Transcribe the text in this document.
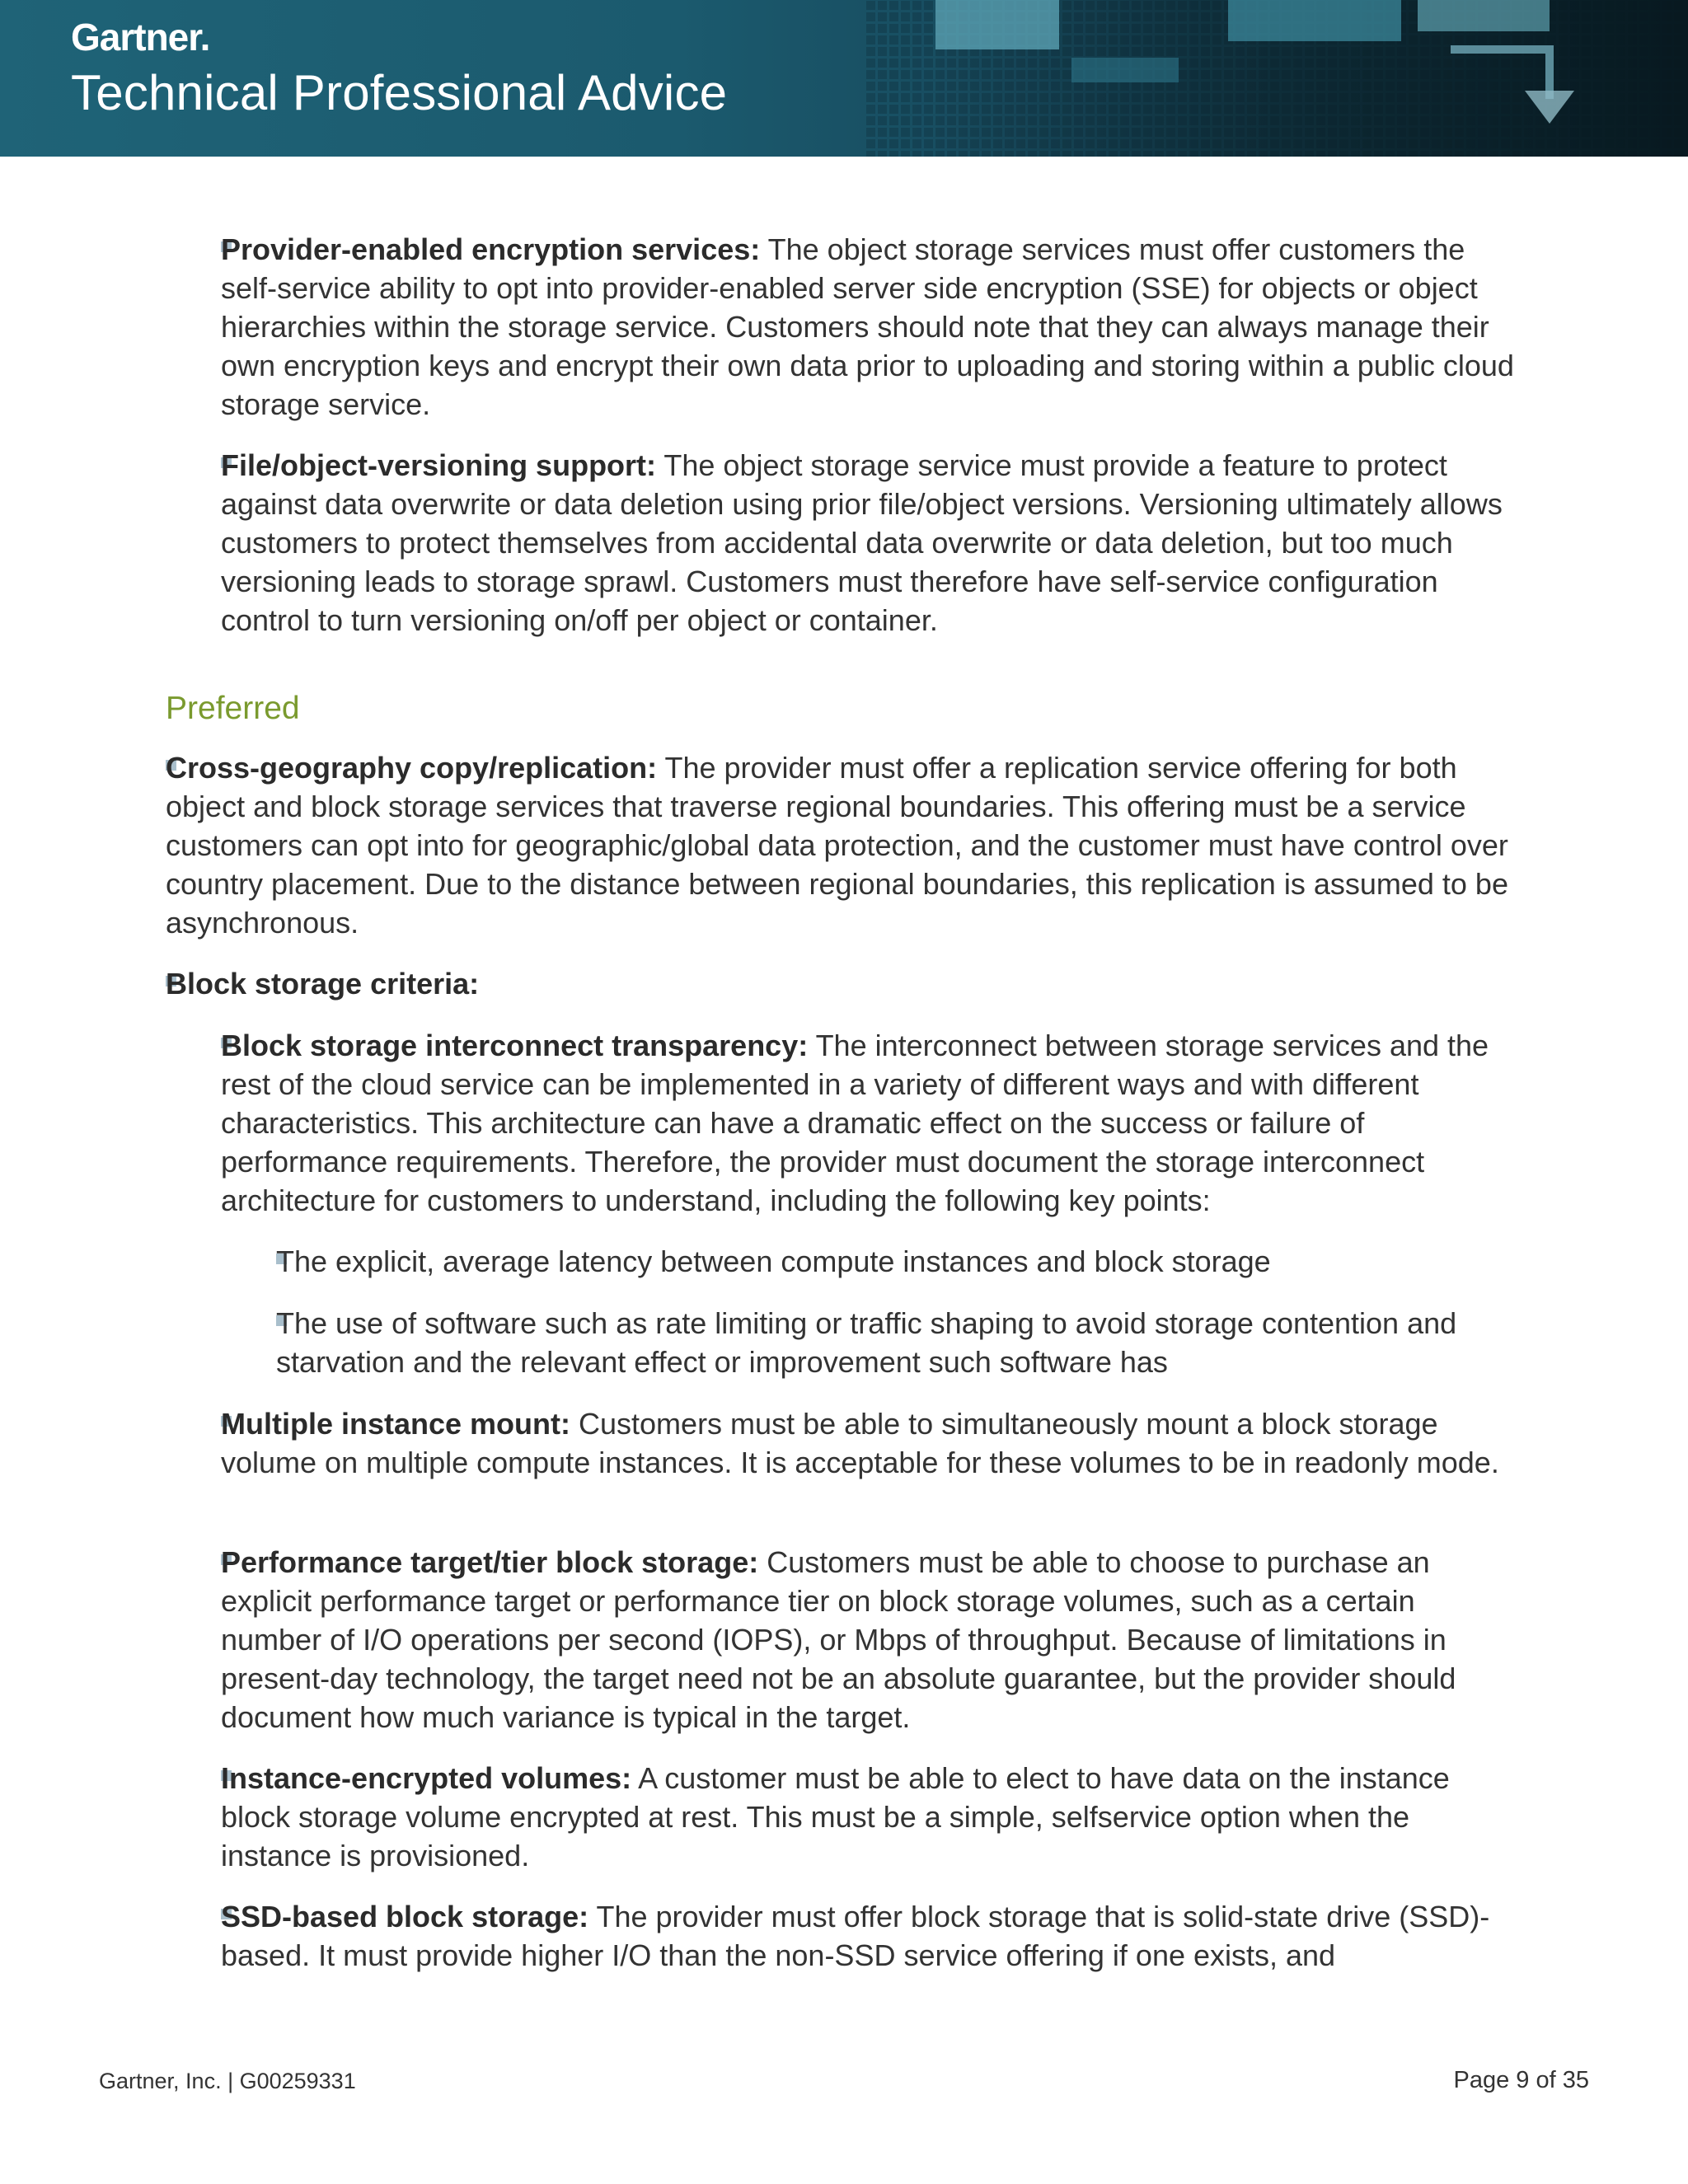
Gartner.
Technical Professional Advice
Provider-enabled encryption services: The object storage services must offer customers the self-service ability to opt into provider-enabled server side encryption (SSE) for objects or object hierarchies within the storage service. Customers should note that they can always manage their own encryption keys and encrypt their own data prior to uploading and storing within a public cloud storage service.
File/object-versioning support: The object storage service must provide a feature to protect against data overwrite or data deletion using prior file/object versions. Versioning ultimately allows customers to protect themselves from accidental data overwrite or data deletion, but too much versioning leads to storage sprawl. Customers must therefore have self-service configuration control to turn versioning on/off per object or container.
Preferred
Cross-geography copy/replication: The provider must offer a replication service offering for both object and block storage services that traverse regional boundaries. This offering must be a service customers can opt into for geographic/global data protection, and the customer must have control over country placement. Due to the distance between regional boundaries, this replication is assumed to be asynchronous.
Block storage criteria:
Block storage interconnect transparency: The interconnect between storage services and the rest of the cloud service can be implemented in a variety of different ways and with different characteristics. This architecture can have a dramatic effect on the success or failure of performance requirements. Therefore, the provider must document the storage interconnect architecture for customers to understand, including the following key points:
The explicit, average latency between compute instances and block storage
The use of software such as rate limiting or traffic shaping to avoid storage contention and starvation and the relevant effect or improvement such software has
Multiple instance mount: Customers must be able to simultaneously mount a block storage volume on multiple compute instances. It is acceptable for these volumes to be in readonly mode.
Performance target/tier block storage: Customers must be able to choose to purchase an explicit performance target or performance tier on block storage volumes, such as a certain number of I/O operations per second (IOPS), or Mbps of throughput. Because of limitations in present-day technology, the target need not be an absolute guarantee, but the provider should document how much variance is typical in the target.
Instance-encrypted volumes: A customer must be able to elect to have data on the instance block storage volume encrypted at rest. This must be a simple, selfservice option when the instance is provisioned.
SSD-based block storage: The provider must offer block storage that is solid-state drive (SSD)-based. It must provide higher I/O than the non-SSD service offering if one exists, and
Gartner, Inc. | G00259331	Page 9 of 35
